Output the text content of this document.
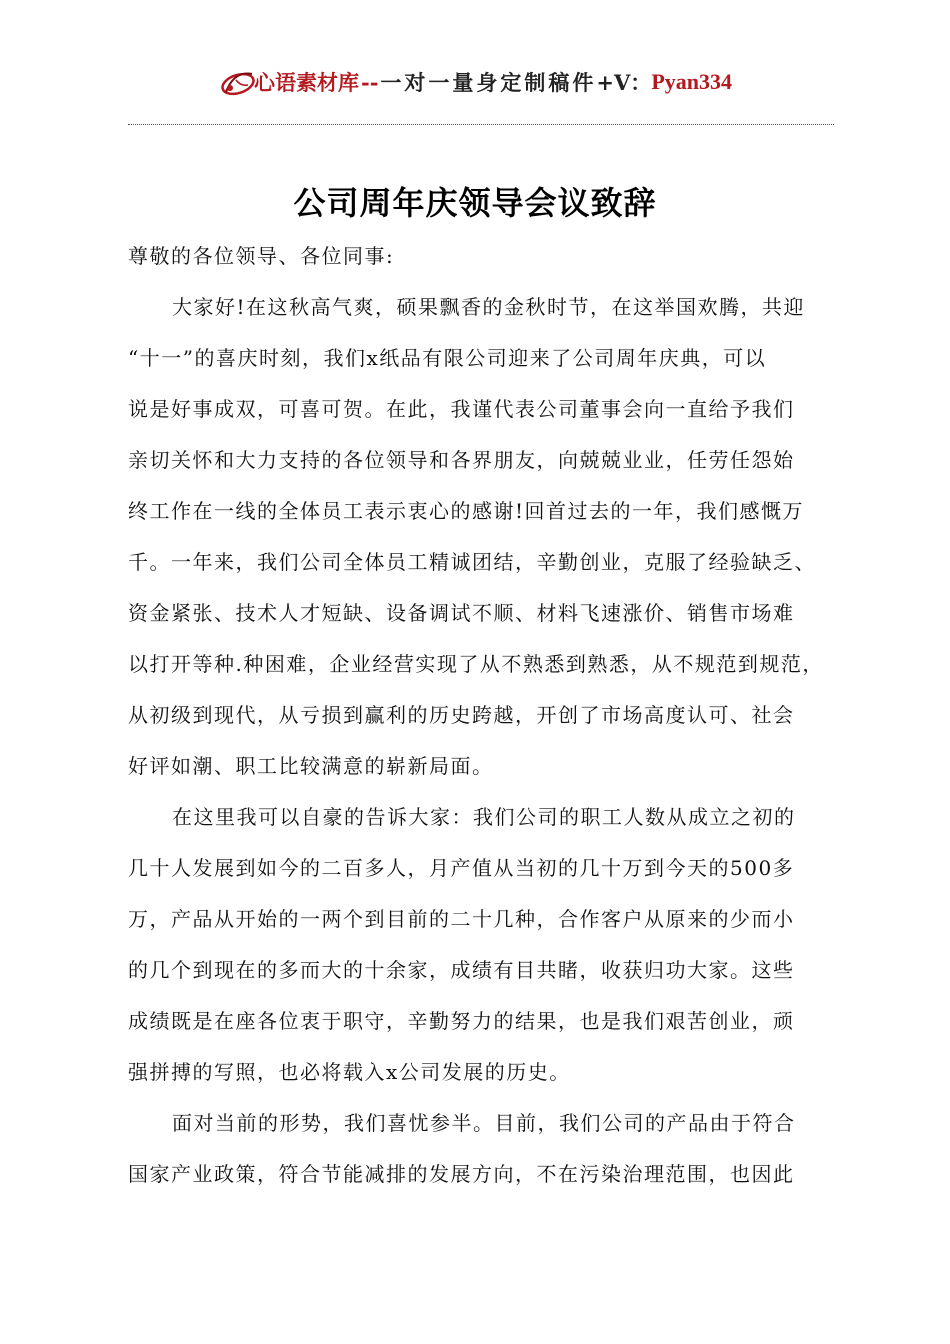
心语素材库 -- 一对一量身定制稿件 +V： Pyan334
公司周年庆领导会议致辞
尊敬的各位领导、各位同事:
大家好!在这秋高气爽，硕果飘香的金秋时节，在这举国欢腾，共迎
“十一”的喜庆时刻，我们x纸品有限公司迎来了公司周年庆典，可以
说是好事成双，可喜可贺。在此，我谨代表公司董事会向一直给予我们
亲切关怀和大力支持的各位领导和各界朋友，向兢兢业业，任劳任怨始
终工作在一线的全体员工表示衷心的感谢!回首过去的一年，我们感慨万
千。一年来，我们公司全体员工精诚团结，辛勤创业，克服了经验缺乏、
资金紧张、技术人才短缺、设备调试不顺、材料飞速涨价、销售市场难
以打开等种.种困难，企业经营实现了从不熟悉到熟悉，从不规范到规范，
从初级到现代，从亏损到赢利的历史跨越，开创了市场高度认可、社会
好评如潮、职工比较满意的崭新局面。
在这里我可以自豪的告诉大家：我们公司的职工人数从成立之初的
几十人发展到如今的二百多人，月产值从当初的几十万到今天的500多
万，产品从开始的一两个到目前的二十几种，合作客户从原来的少而小
的几个到现在的多而大的十余家，成绩有目共睹，收获归功大家。这些
成绩既是在座各位衷于职守，辛勤努力的结果，也是我们艰苦创业，顽
强拼搏的写照，也必将载入x公司发展的历史。
面对当前的形势，我们喜忧参半。目前，我们公司的产品由于符合
国家产业政策，符合节能减排的发展方向，不在污染治理范围，也因此
